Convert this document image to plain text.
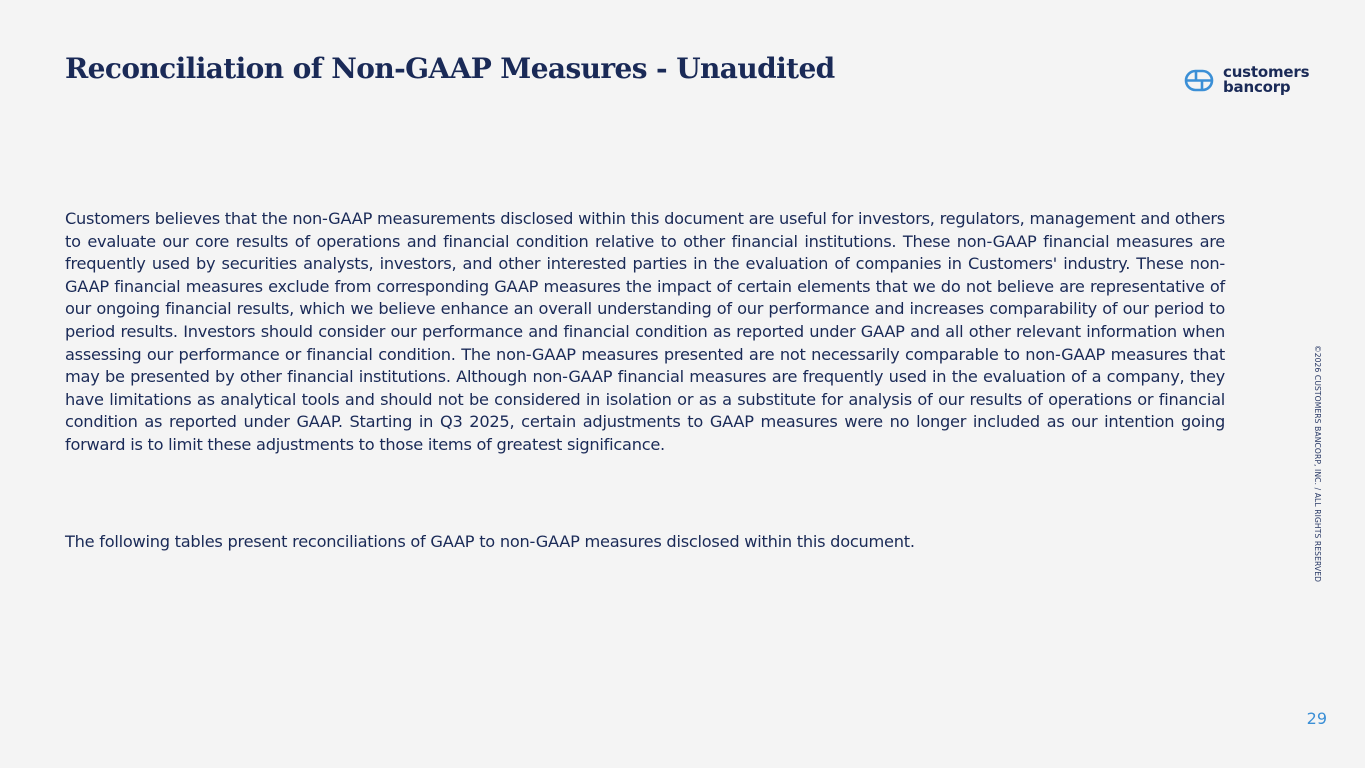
Reconciliation of Non-GAAP Measures - Unaudited	customers
bancorp

Customers believes that the non-GAAP measurements disclosed within this document are useful for investors, regulators, management and others to evaluate our core results of operations and financial condition relative to other financial institutions. These non-GAAP financial measures are frequently used by securities analysts, investors, and other interested parties in the evaluation of companies in Customers' industry. These non-GAAP financial measures exclude from corresponding GAAP measures the impact of certain elements that we do not believe are representative of our ongoing financial results, which we believe enhance an overall understanding of our performance and increases comparability of our period to period results. Investors should consider our performance and financial condition as reported under GAAP and all other relevant information when assessing our performance or financial condition. The non-GAAP measures presented are not necessarily comparable to non-GAAP measures that may be presented by other financial institutions. Although non-GAAP financial measures are frequently used in the evaluation of a company, they have limitations as analytical tools and should not be considered in isolation or as a substitute for analysis of our results of operations or financial condition as reported under GAAP. Starting in Q3 2025, certain adjustments to GAAP measures were no longer included as our intention going forward is to limit these adjustments to those items of greatest significance.

The following tables present reconciliations of GAAP to non-GAAP measures disclosed within this document.	©2026 CUSTOMERS BANCORP, INC. / ALL RIGHTS RESERVED
29
